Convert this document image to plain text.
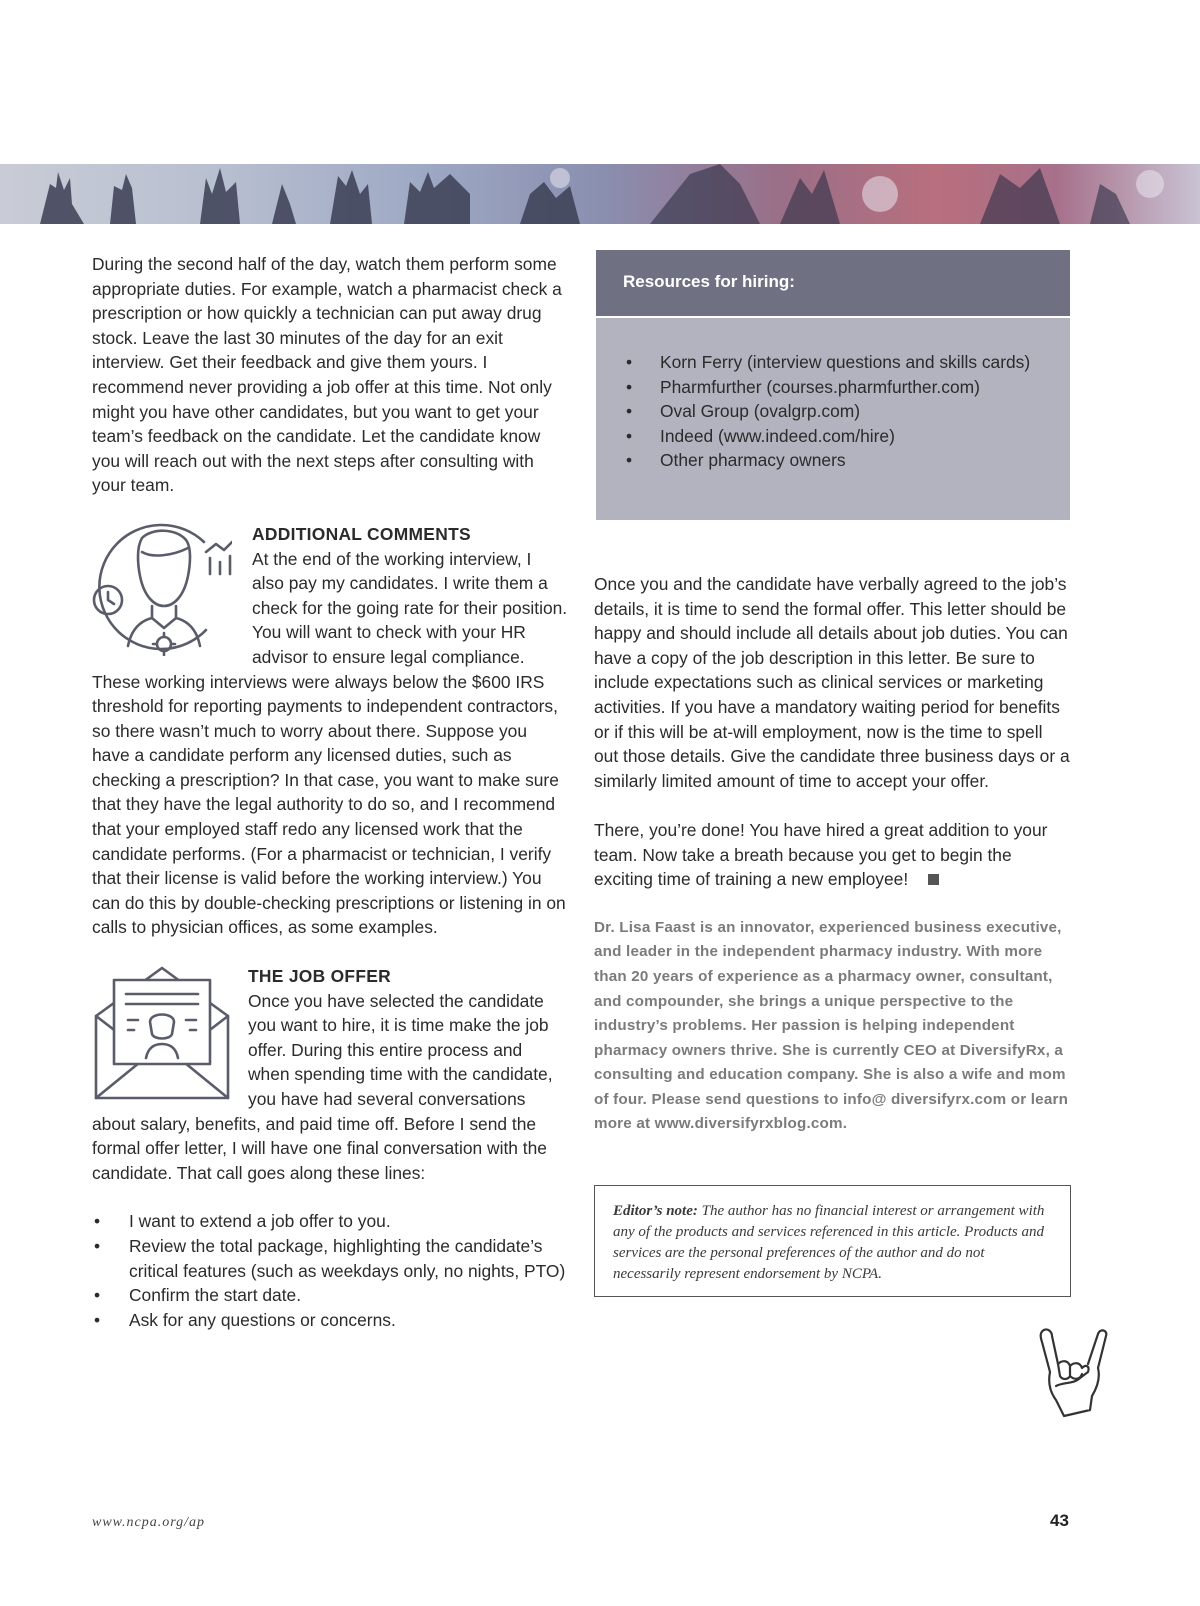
During the second half of the day, watch them perform some appropriate duties. For example, watch a pharmacist check a prescription or how quickly a technician can put away drug stock. Leave the last 30 minutes of the day for an exit interview. Get their feedback and give them yours. I recommend never providing a job offer at this time. Not only might you have other candidates, but you want to get your team’s feedback on the candidate. Let the candidate know you will reach out with the next steps after consulting with your team.

ADDITIONAL COMMENTS

At the end of the working interview, I also pay my candidates. I write them a check for the going rate for their position. You will want to check with your HR advisor to ensure legal compliance. These working interviews were always below the $600 IRS threshold for reporting payments to independent contractors, so there wasn’t much to worry about there. Suppose you have a candidate perform any licensed duties, such as checking a prescription? In that case, you want to make sure that they have the legal authority to do so, and I recommend that your employed staff redo any licensed work that the candidate performs. (For a pharmacist or technician, I verify that their license is valid before the working interview.) You can do this by double-checking prescriptions or listening in on calls to physician offices, as some examples.

THE JOB OFFER

Once you have selected the candidate you want to hire, it is time make the job offer. During this entire process and when spending time with the candidate, you have had several conversations about salary, benefits, and paid time off. Before I send the formal offer letter, I will have one final conversation with the candidate. That call goes along these lines:

• I want to extend a job offer to you.
• Review the total package, highlighting the candidate’s critical features (such as weekdays only, no nights, PTO)
• Confirm the start date.
• Ask for any questions or concerns.
Resources for hiring:
• Korn Ferry (interview questions and skills cards)
• Pharmfurther (courses.pharmfurther.com)
• Oval Group (ovalgrp.com)
• Indeed (www.indeed.com/hire)
• Other pharmacy owners

Once you and the candidate have verbally agreed to the job’s details, it is time to send the formal offer. This letter should be happy and should include all details about job duties. You can have a copy of the job description in this letter. Be sure to include expectations such as clinical services or marketing activities. If you have a mandatory waiting period for benefits or if this will be at-will employment, now is the time to spell out those details. Give the candidate three business days or a similarly limited amount of time to accept your offer.

There, you’re done! You have hired a great addition to your team. Now take a breath because you get to begin the exciting time of training a new employee!

Dr. Lisa Faast is an innovator, experienced business executive, and leader in the independent pharmacy industry. With more than 20 years of experience as a pharmacy owner, consultant, and compounder, she brings a unique perspective to the industry’s problems. Her passion is helping independent pharmacy owners thrive. She is currently CEO at DiversifyRx, a consulting and education company. She is also a wife and mom of four. Please send questions to info@ diversifyrx.com or learn more at www.diversifyrxblog.com.

Editor’s note: The author has no financial interest or arrangement with any of the products and services referenced in this article. Products and services are the personal preferences of the author and do not necessarily represent endorsement by NCPA.

www.ncpa.org/ap	43
